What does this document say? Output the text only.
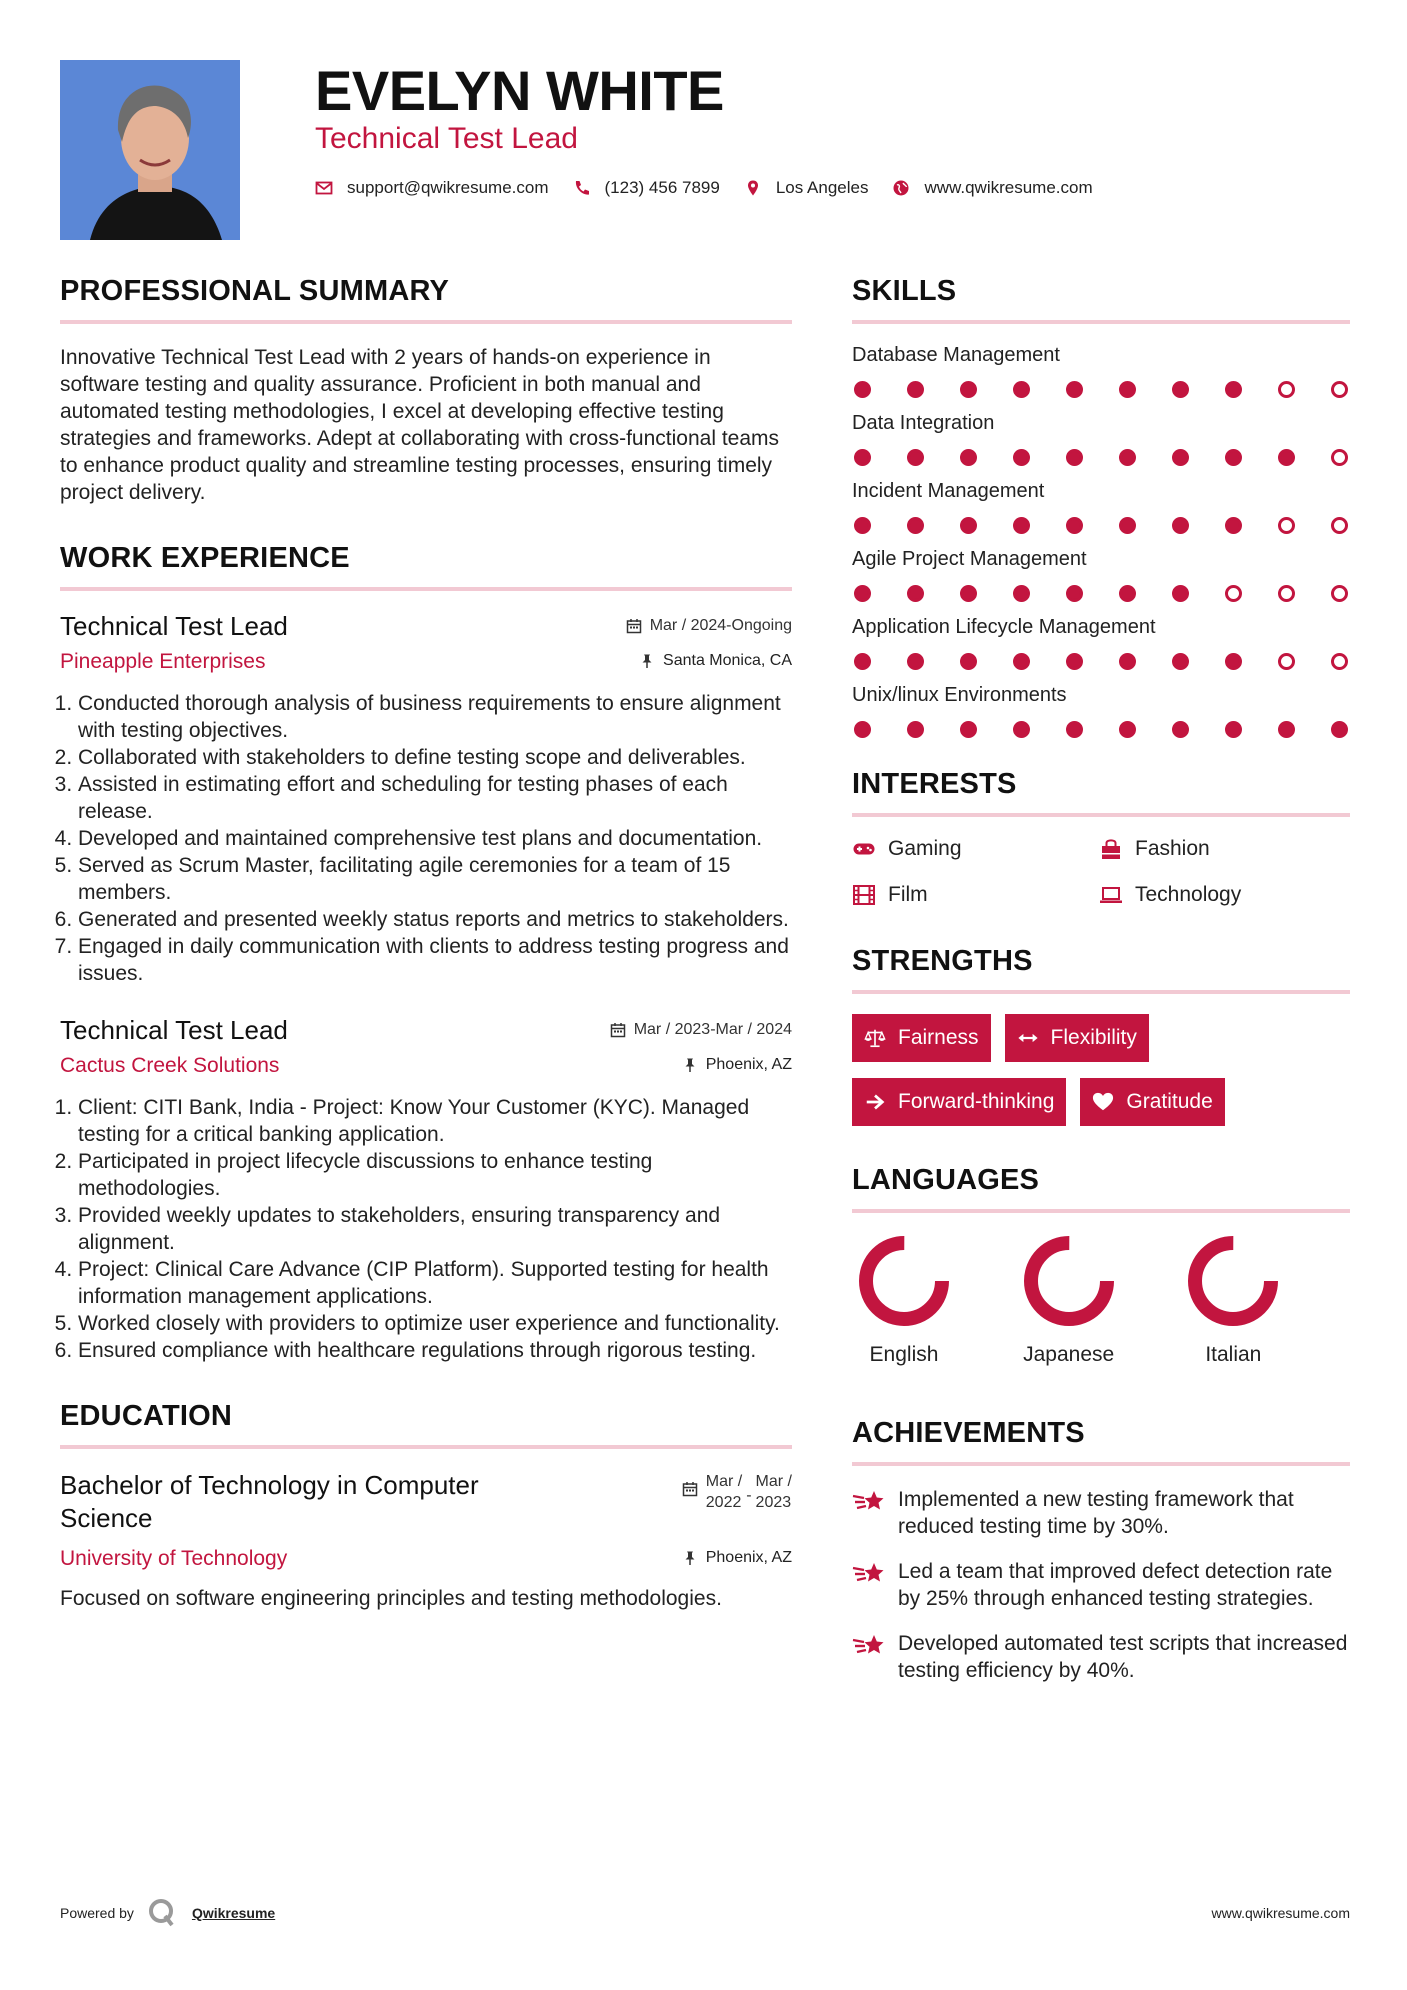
EVELYN WHITE
Technical Test Lead
support@qwikresume.com	(123) 456 7899	Los Angeles	www.qwikresume.com
PROFESSIONAL SUMMARY

Innovative Technical Test Lead with 2 years of hands-on experience in software testing and quality assurance. Proficient in both manual and automated testing methodologies, I excel at developing effective testing strategies and frameworks. Adept at collaborating with cross-functional teams to enhance product quality and streamline testing processes, ensuring timely project delivery.

WORK EXPERIENCE
Technical Test Lead	Mar / 2024-Ongoing
Pineapple Enterprises	Santa Monica, CA
1. Conducted thorough analysis of business requirements to ensure alignment with testing objectives.
2. Collaborated with stakeholders to define testing scope and deliverables.
3. Assisted in estimating effort and scheduling for testing phases of each release.
4. Developed and maintained comprehensive test plans and documentation.
5. Served as Scrum Master, facilitating agile ceremonies for a team of 15 members.
6. Generated and presented weekly status reports and metrics to stakeholders.
7. Engaged in daily communication with clients to address testing progress and issues.
Technical Test Lead	Mar / 2023-Mar / 2024
Cactus Creek Solutions	Phoenix, AZ
1. Client: CITI Bank, India - Project: Know Your Customer (KYC). Managed testing for a critical banking application.
2. Participated in project lifecycle discussions to enhance testing methodologies.
3. Provided weekly updates to stakeholders, ensuring transparency and alignment.
4. Project: Clinical Care Advance (CIP Platform). Supported testing for health information management applications.
5. Worked closely with providers to optimize user experience and functionality.
6. Ensured compliance with healthcare regulations through rigorous testing.
EDUCATION
Bachelor of Technology in Computer Science
Mar /
2022 -
Mar /
2023
University of Technology	Phoenix, AZ

Focused on software engineering principles and testing methodologies.

SKILLS
Database Management
Data Integration
Incident Management
Agile Project Management
Application Lifecycle Management
Unix/linux Environments
INTERESTS
Gaming	Fashion
Film	Technology
STRENGTHS
Fairness	Flexibility
Forward-thinking	Gratitude
LANGUAGES
English	Japanese	Italian
ACHIEVEMENTS
Implemented a new testing framework that reduced testing time by 30%.
Led a team that improved defect detection rate by 25% through enhanced testing strategies.
Developed automated test scripts that increased testing efficiency by 40%.
Powered by	Qwikresume	www.qwikresume.com
